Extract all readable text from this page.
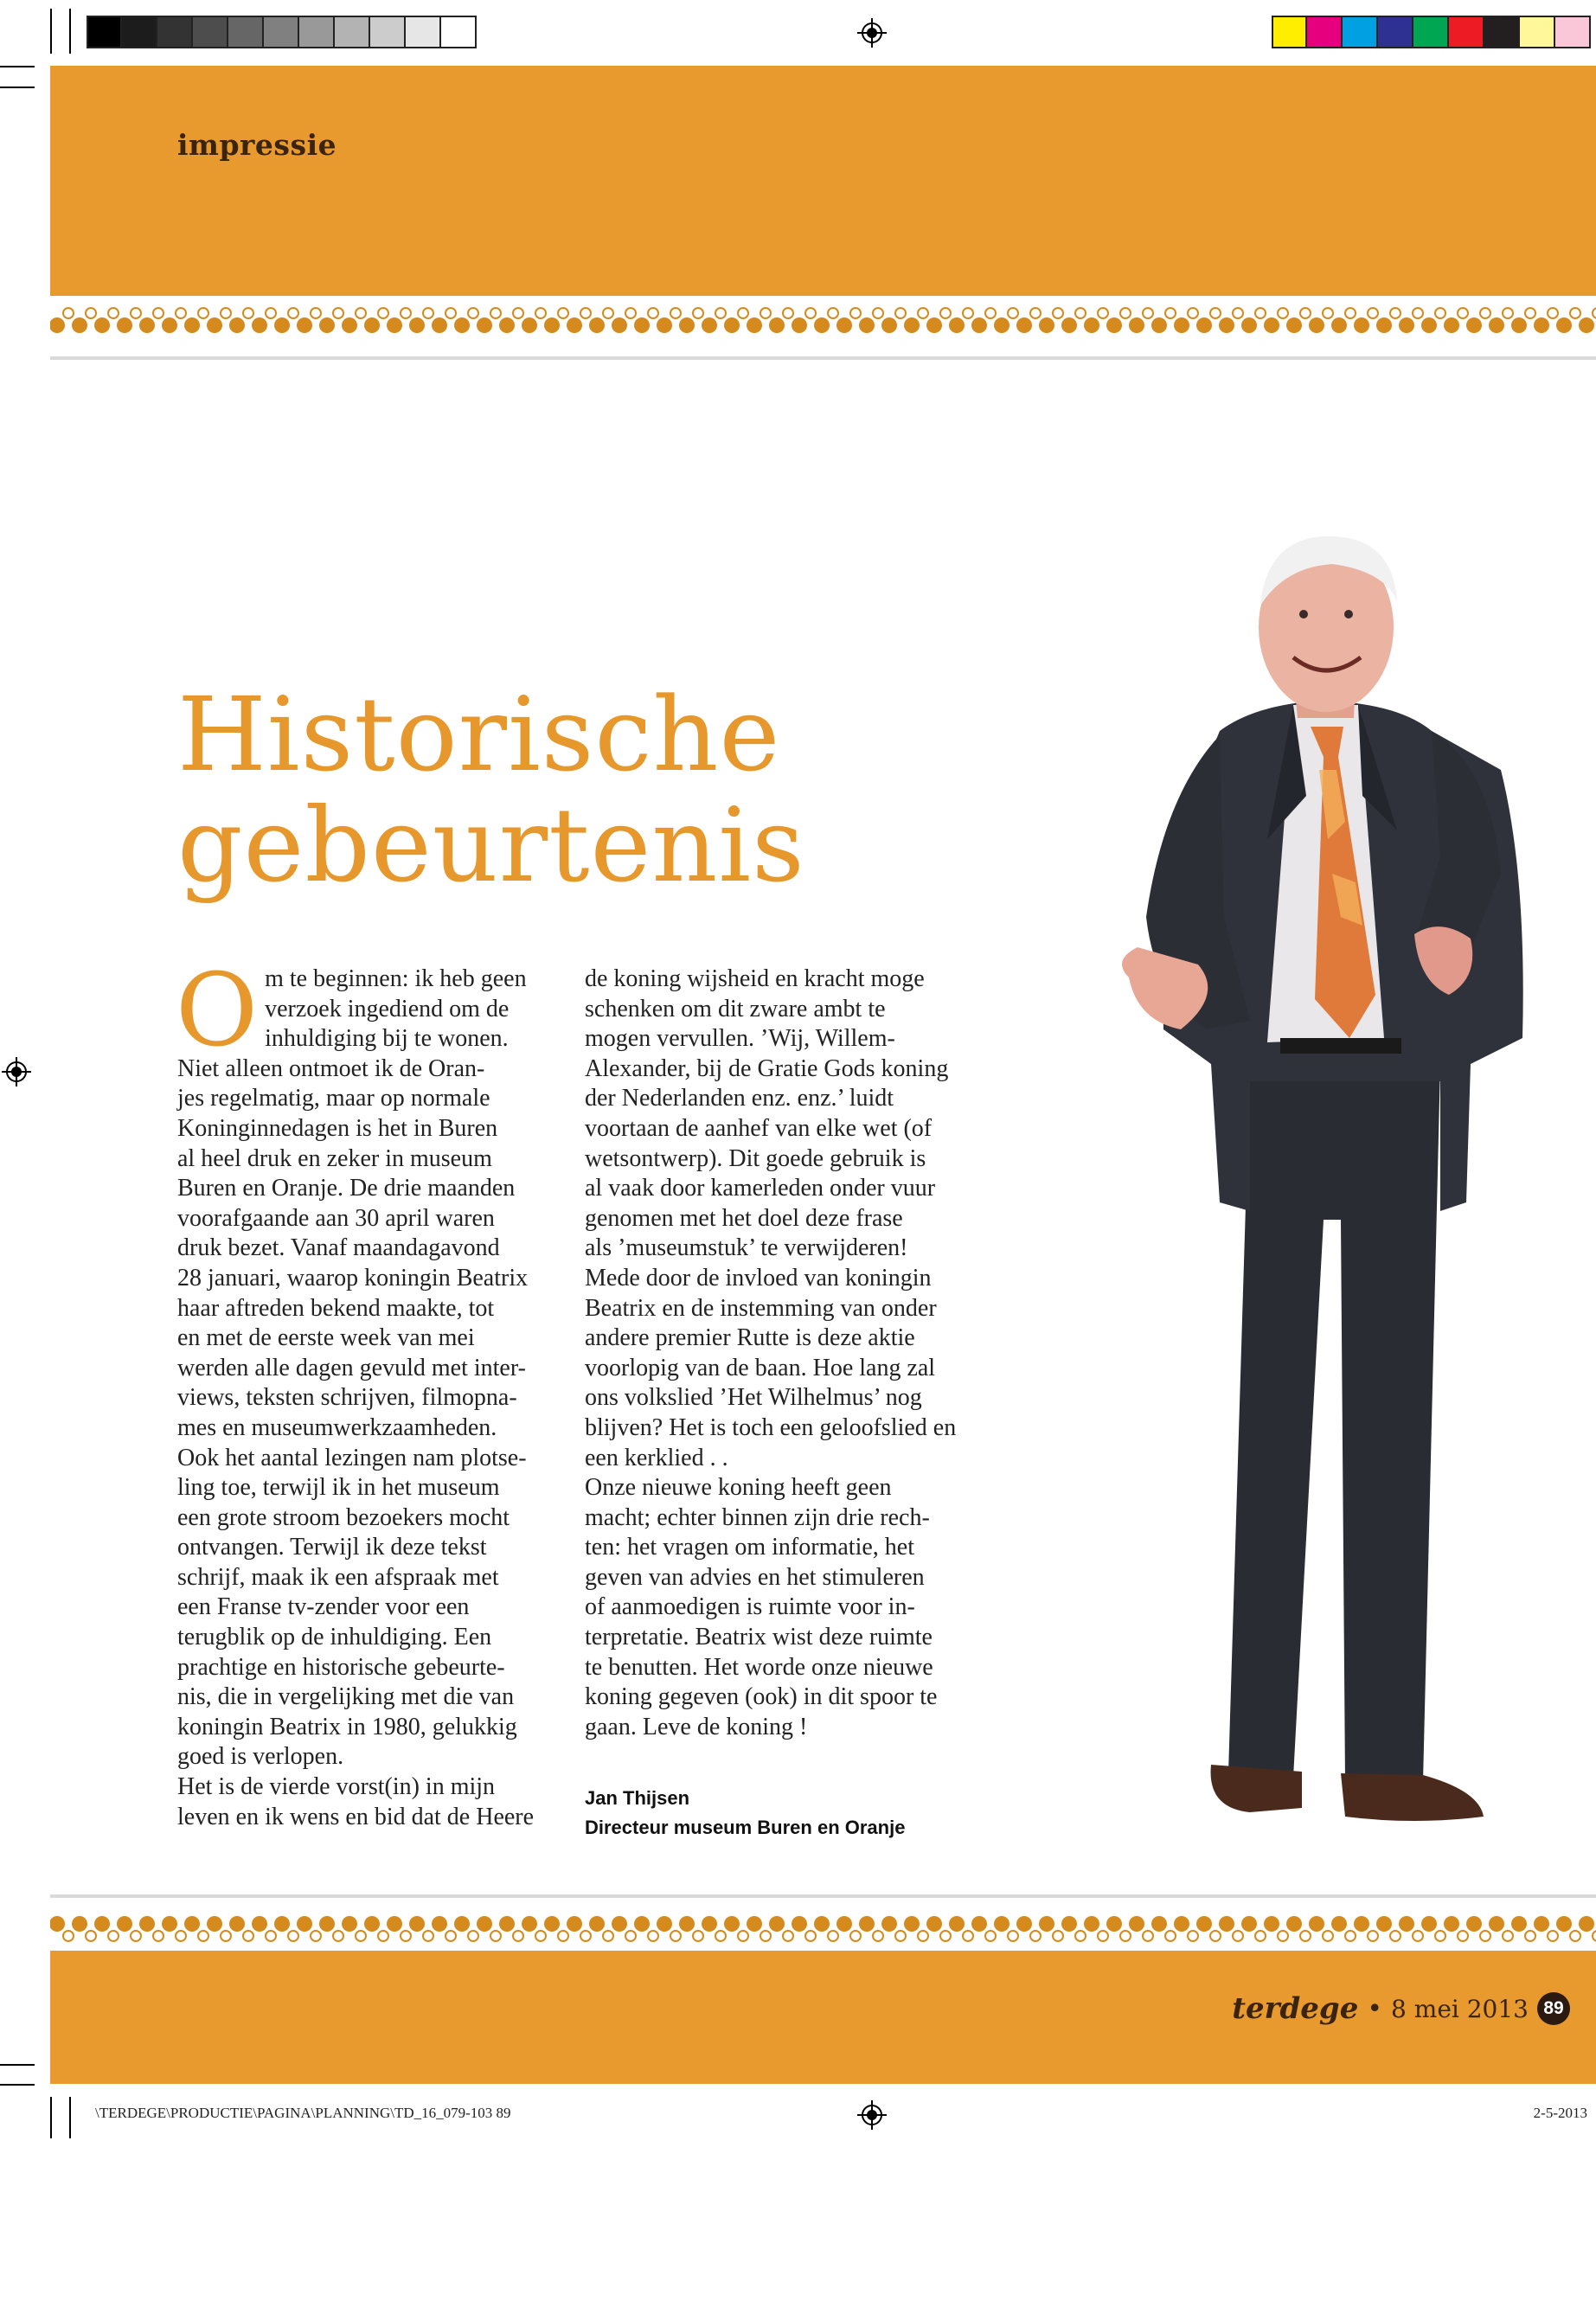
impressie
Historische
gebeurtenis
O m te beginnen: ik heb geen

verzoek ingediend om de

inhuldiging bij te wonen.

Niet alleen ontmoet ik de Oran-

jes regelmatig, maar op normale

Koninginnedagen is het in Buren

al heel druk en zeker in museum

Buren en Oranje. De drie maanden

voorafgaande aan 30 april waren

druk bezet. Vanaf maandagavond

28 januari, waarop koningin Beatrix

haar aftreden bekend maakte, tot

en met de eerste week van mei

werden alle dagen gevuld met inter-

views, teksten schrijven, filmopna-

mes en museumwerkzaamheden.

Ook het aantal lezingen nam plotse-

ling toe, terwijl ik in het museum

een grote stroom bezoekers mocht

ontvangen. Terwijl ik deze tekst

schrijf, maak ik een afspraak met

een Franse tv-zender voor een

terugblik op de inhuldiging. Een

prachtige en historische gebeurte-

nis, die in vergelijking met die van

koningin Beatrix in 1980, gelukkig

goed is verlopen.

Het is de vierde vorst(in) in mijn

leven en ik wens en bid dat de Heere

de koning wijsheid en kracht moge

schenken om dit zware ambt te

mogen vervullen. ’Wij, Willem-

Alexander, bij de Gratie Gods koning

der Nederlanden enz. enz.’ luidt

voortaan de aanhef van elke wet (of

wetsontwerp). Dit goede gebruik is

al vaak door kamerleden onder vuur

genomen met het doel deze frase

als ’museumstuk’ te verwijderen!

Mede door de invloed van koningin

Beatrix en de instemming van onder

andere premier Rutte is deze aktie

voorlopig van de baan. Hoe lang zal

ons volkslied ’Het Wilhelmus’ nog

blijven? Het is toch een geloofslied en

een kerklied . .

Onze nieuwe koning heeft geen

macht; echter binnen zijn drie rech-

ten: het vragen om informatie, het

geven van advies en het stimuleren

of aanmoedigen is ruimte voor in-

terpretatie. Beatrix wist deze ruimte

te benutten. Het worde onze nieuwe

koning gegeven (ook) in dit spoor te

gaan. Leve de koning !

Jan Thijsen
Directeur museum Buren en Oranje
terdege • 8 mei 2013 89
\TERDEGE\PRODUCTIE\PAGINA\PLANNING\TD_16_079-103 89	2-5-2013
